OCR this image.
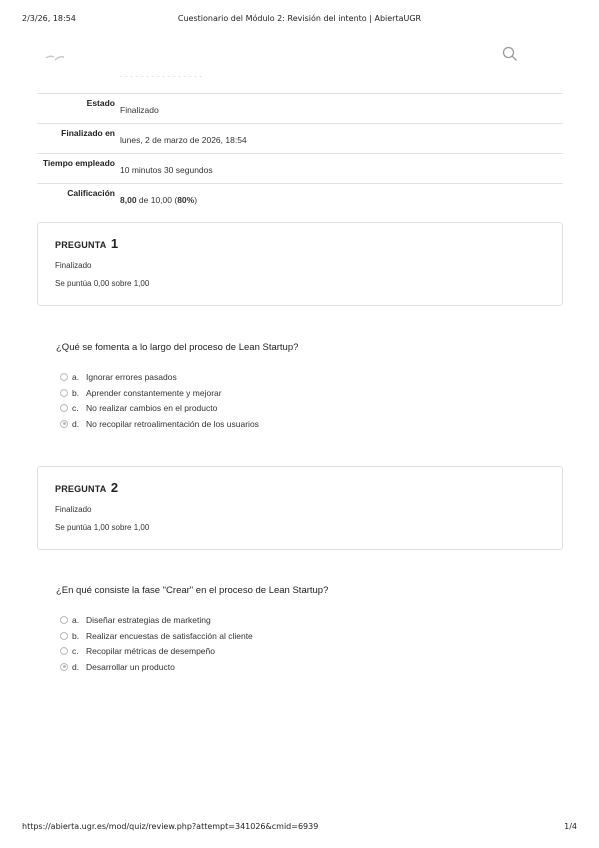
2/3/26, 18:54	Cuestionario del Módulo 2: Revisión del intento | AbiertaUGR
. . . . . . . . . . . . . . . .
Estado
Finalizado
Finalizado en
lunes, 2 de marzo de 2026, 18:54
Tiempo empleado
10 minutos 30 segundos
Calificación
8,00 de 10,00 (80%)
PREGUNTA 1
Finalizado
Se puntúa 0,00 sobre 1,00
¿Qué se fomenta a lo largo del proceso de Lean Startup?
a. Ignorar errores pasados
b. Aprender constantemente y mejorar
c. No realizar cambios en el producto
d. No recopilar retroalimentación de los usuarios
PREGUNTA 2
Finalizado
Se puntúa 1,00 sobre 1,00
¿En qué consiste la fase "Crear" en el proceso de Lean Startup?
a. Diseñar estrategias de marketing
b. Realizar encuestas de satisfacción al cliente
c. Recopilar métricas de desempeño
d. Desarrollar un producto
https://abierta.ugr.es/mod/quiz/review.php?attempt=341026&cmid=6939	1/4
